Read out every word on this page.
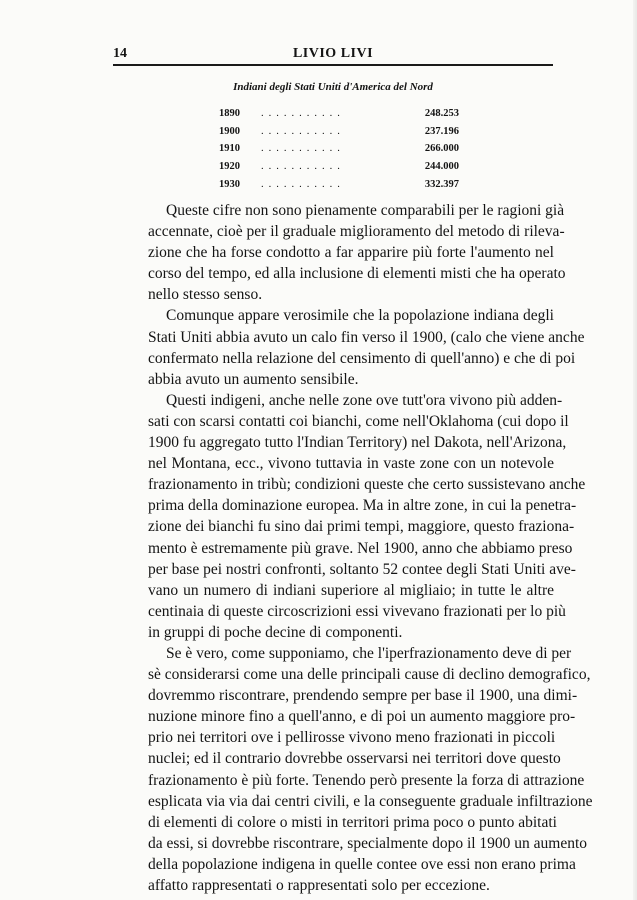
14	LIVIO LIVI
Indiani degli Stati Uniti d'America del Nord
1890	...........	248.253
1900	...........	237.196
1910	...........	266.000
1920	...........	244.000
1930	...........	332.397

Queste cifre non sono pienamente comparabili per le ragioni già
accennate, cioè per il graduale miglioramento del metodo di rileva-
zione che ha forse condotto a far apparire più forte l'aumento nel
corso del tempo, ed alla inclusione di elementi misti che ha operato
nello stesso senso.

Comunque appare verosimile che la popolazione indiana degli
Stati Uniti abbia avuto un calo fin verso il 1900, (calo che viene anche
confermato nella relazione del censimento di quell'anno) e che di poi
abbia avuto un aumento sensibile.

Questi indigeni, anche nelle zone ove tutt'ora vivono più adden-
sati con scarsi contatti coi bianchi, come nell'Oklahoma (cui dopo il
1900 fu aggregato tutto l'Indian Territory) nel Dakota, nell'Arizona,
nel Montana, ecc., vivono tuttavia in vaste zone con un notevole
frazionamento in tribù; condizioni queste che certo sussistevano anche
prima della dominazione europea. Ma in altre zone, in cui la penetra-
zione dei bianchi fu sino dai primi tempi, maggiore, questo fraziona-
mento è estremamente più grave. Nel 1900, anno che abbiamo preso
per base pei nostri confronti, soltanto 52 contee degli Stati Uniti ave-
vano un numero di indiani superiore al migliaio; in tutte le altre
centinaia di queste circoscrizioni essi vivevano frazionati per lo più
in gruppi di poche decine di componenti.

Se è vero, come supponiamo, che l'iperfrazionamento deve di per
sè considerarsi come una delle principali cause di declino demografico,
dovremmo riscontrare, prendendo sempre per base il 1900, una dimi-
nuzione minore fino a quell'anno, e di poi un aumento maggiore pro-
prio nei territori ove i pellirosse vivono meno frazionati in piccoli
nuclei; ed il contrario dovrebbe osservarsi nei territori dove questo
frazionamento è più forte. Tenendo però presente la forza di attrazione
esplicata via via dai centri civili, e la conseguente graduale infiltrazione
di elementi di colore o misti in territori prima poco o punto abitati
da essi, si dovrebbe riscontrare, specialmente dopo il 1900 un aumento
della popolazione indigena in quelle contee ove essi non erano prima
affatto rappresentati o rappresentati solo per eccezione.
